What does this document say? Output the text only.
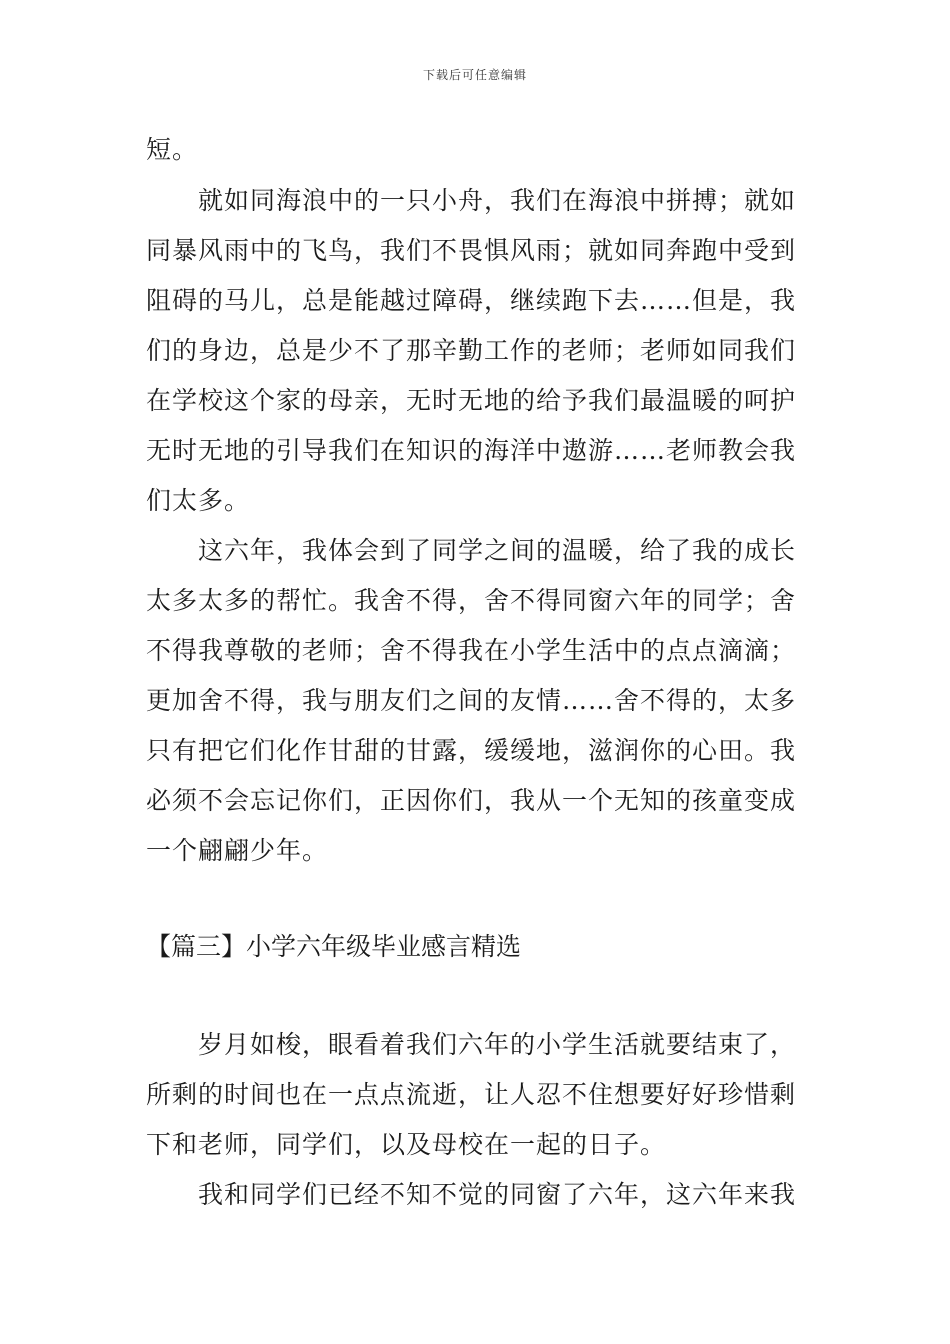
下载后可任意编辑
短。
就如同海浪中的一只小舟，我们在海浪中拼搏；就如
同暴风雨中的飞鸟，我们不畏惧风雨；就如同奔跑中受到
阻碍的马儿，总是能越过障碍，继续跑下去……但是，我
们的身边，总是少不了那辛勤工作的老师；老师如同我们
在学校这个家的母亲，无时无地的给予我们最温暖的呵护
无时无地的引导我们在知识的海洋中遨游……老师教会我
们太多。
这六年，我体会到了同学之间的温暖，给了我的成长
太多太多的帮忙。我舍不得，舍不得同窗六年的同学；舍
不得我尊敬的老师；舍不得我在小学生活中的点点滴滴；
更加舍不得，我与朋友们之间的友情……舍不得的，太多
只有把它们化作甘甜的甘露，缓缓地，滋润你的心田。我
必须不会忘记你们，正因你们，我从一个无知的孩童变成
一个翩翩少年。
【篇三】小学六年级毕业感言精选
岁月如梭，眼看着我们六年的小学生活就要结束了，
所剩的时间也在一点点流逝，让人忍不住想要好好珍惜剩
下和老师，同学们，以及母校在一起的日子。
我和同学们已经不知不觉的同窗了六年，这六年来我
